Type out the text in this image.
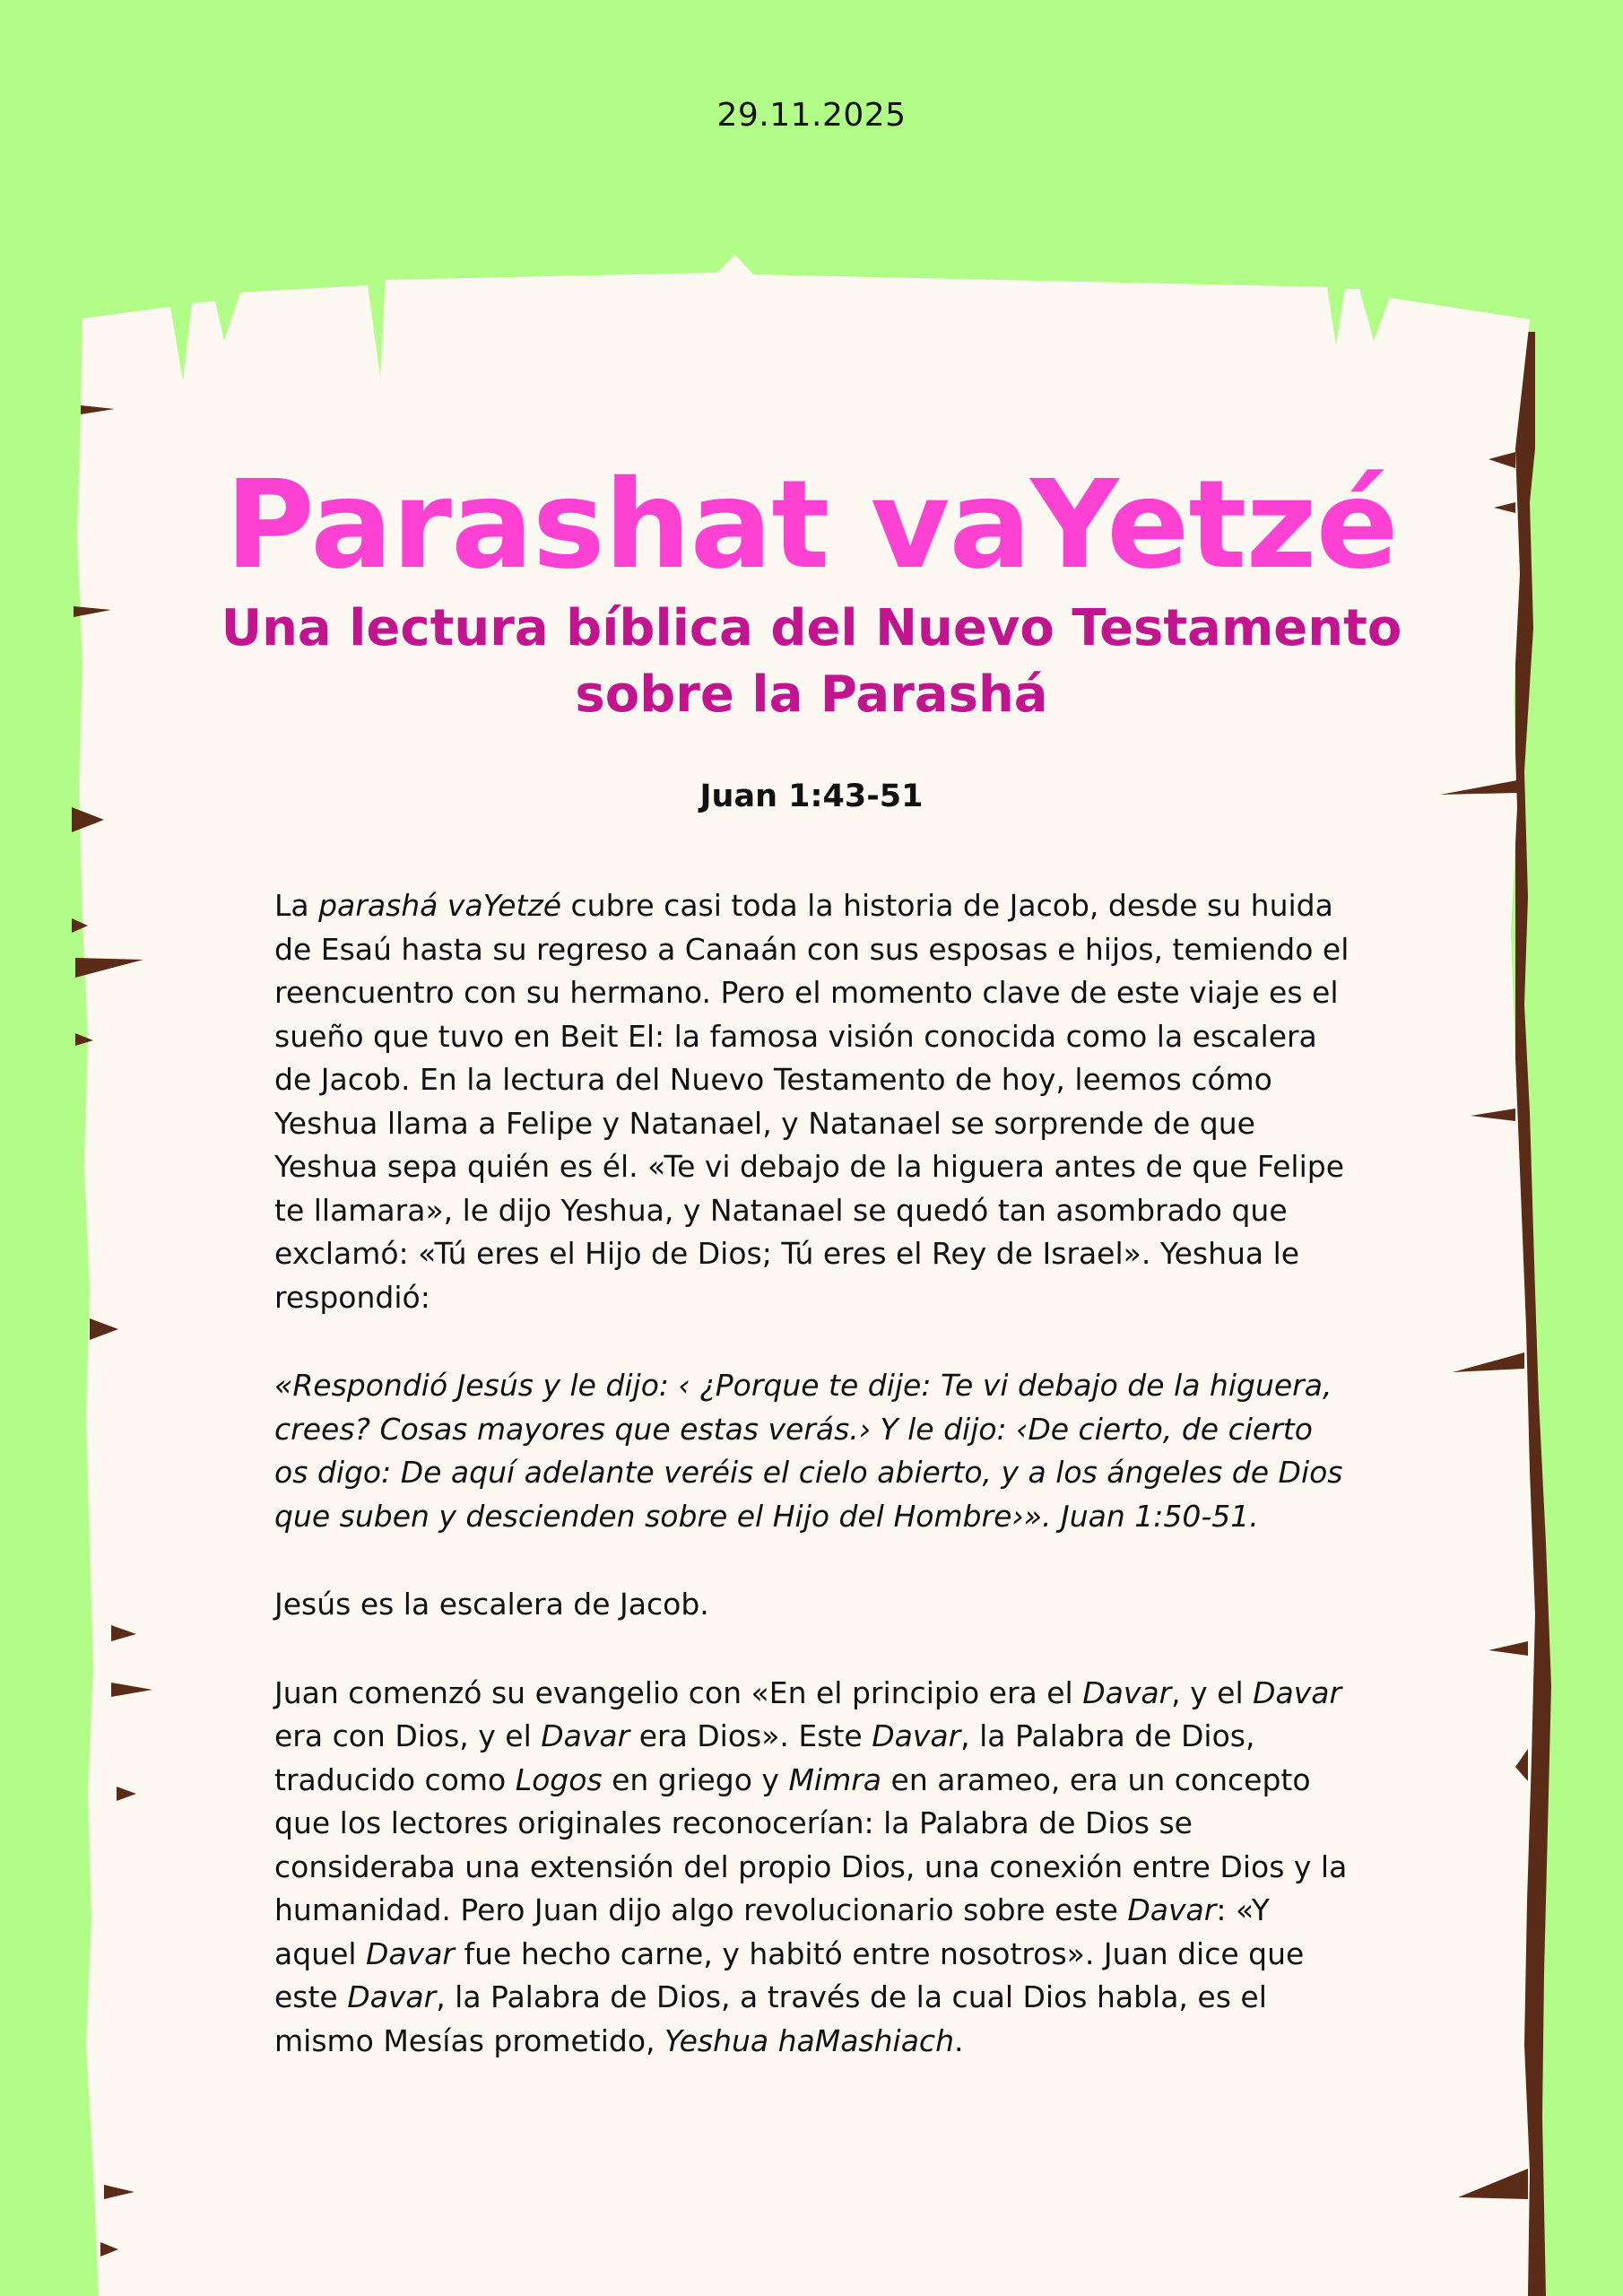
29.11.2025
Parashat vaYetzé
Una lectura bíblica del Nuevo Testamento sobre la Parashá
Juan 1:43-51

La parashá vaYetzé cubre casi toda la historia de Jacob, desde su huida de Esaú hasta su regreso a Canaán con sus esposas e hijos, temiendo el reencuentro con su hermano. Pero el momento clave de este viaje es el sueño que tuvo en Beit El: la famosa visión conocida como la escalera de Jacob. En la lectura del Nuevo Testamento de hoy, leemos cómo Yeshua llama a Felipe y Natanael, y Natanael se sorprende de que Yeshua sepa quién es él. «Te vi debajo de la higuera antes de que Felipe te llamara», le dijo Yeshua, y Natanael se quedó tan asombrado que exclamó: «Tú eres el Hijo de Dios; Tú eres el Rey de Israel». Yeshua le respondió:

«Respondió Jesús y le dijo: ‹ ¿Porque te dije: Te vi debajo de la higuera, crees? Cosas mayores que estas verás.› Y le dijo: ‹De cierto, de cierto os digo: De aquí adelante veréis el cielo abierto, y a los ángeles de Dios que suben y descienden sobre el Hijo del Hombre›». Juan 1:50-51.

Jesús es la escalera de Jacob.

Juan comenzó su evangelio con «En el principio era el Davar, y el Davar era con Dios, y el Davar era Dios». Este Davar, la Palabra de Dios, traducido como Logos en griego y Mimra en arameo, era un concepto que los lectores originales reconocerían: la Palabra de Dios se consideraba una extensión del propio Dios, una conexión entre Dios y la humanidad. Pero Juan dijo algo revolucionario sobre este Davar: «Y aquel Davar fue hecho carne, y habitó entre nosotros». Juan dice que este Davar, la Palabra de Dios, a través de la cual Dios habla, es el mismo Mesías prometido, Yeshua haMashiach.
